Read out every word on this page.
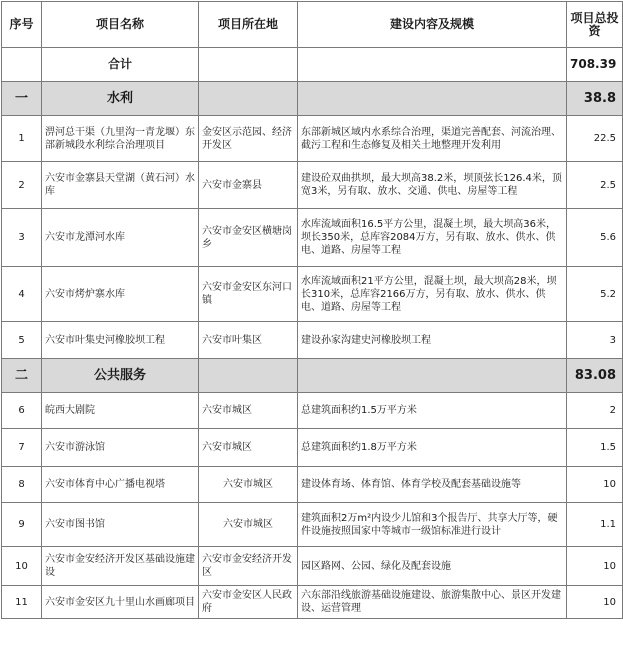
序号	项目名称	项目所在地	建设内容及规模	项目总投资
	合计			708.39
一	水利			38.8
1	淠河总干渠（九里沟一青龙堰）东部新城段水利综合治理项目	金安区示范园、经济开发区	东部新城区域内水系综合治理，渠道完善配套、河流治理、截污工程和生态修复及相关土地整理开发利用	22.5
2	六安市金寨县天堂湖（黄石河）水库	六安市金寨县	建设砼双曲拱坝，最大坝高38.2米，坝顶弦长126.4米，顶宽3米，另有取、放水、交通、供电、房屋等工程	2.5
3	六安市龙潭河水库	六安市金安区横塘岗乡	水库流域面积16.5平方公里，混凝土坝，最大坝高36米，坝长350米，总库容2084万方，另有取、放水、供水、供电、道路、房屋等工程	5.6
4	六安市烤炉寨水库	六安市金安区东河口镇	水库流域面积21平方公里，混凝土坝，最大坝高28米，坝长310米，总库容2166万方，另有取、放水、供水、供电、道路、房屋等工程	5.2
5	六安市叶集史河橡胶坝工程	六安市叶集区	建设孙家沟建史河橡胶坝工程	3
二	公共服务			83.08
6	皖西大剧院	六安市城区	总建筑面积约1.5万平方米	2
7	六安市游泳馆	六安市城区	总建筑面积约1.8万平方米	1.5
8	六安市体育中心广播电视塔	六安市城区	建设体育场、体育馆、体育学校及配套基础设施等	10
9	六安市图书馆	六安市城区	建筑面积2万m²内设少儿馆和3个报告厅、共享大厅等，硬件设施按照国家中等城市一级馆标准进行设计	1.1
10	六安市金安经济开发区基础设施建设	六安市金安经济开发区	园区路网、公园、绿化及配套设施	10
11	六安市金安区九十里山水画廊项目	六安市金安区人民政府	六东部沿线旅游基础设施建设、旅游集散中心、景区开发建设、运营管理	10
